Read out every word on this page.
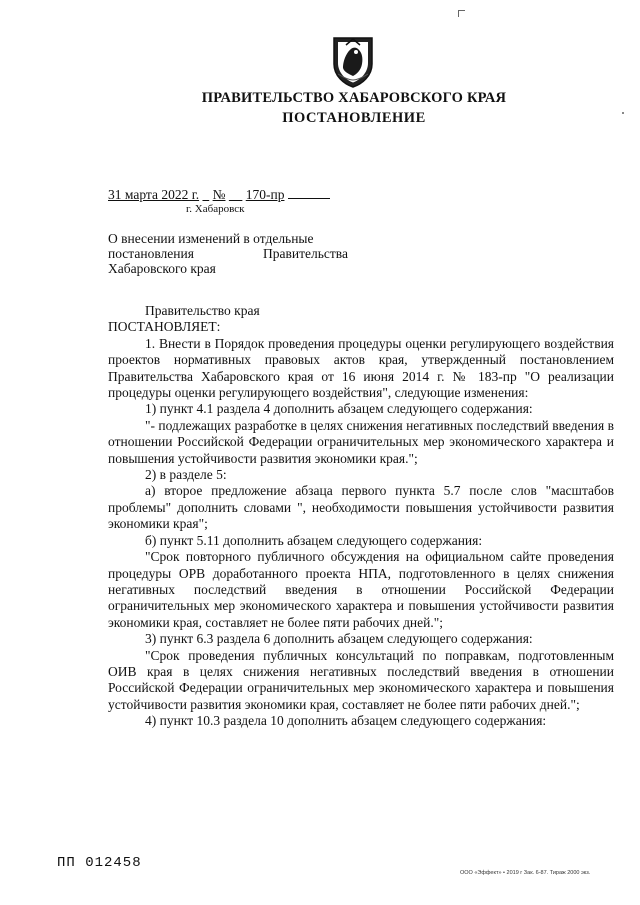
ПРАВИТЕЛЬСТВО ХАБАРОВСКОГО КРАЯ
ПОСТАНОВЛЕНИЕ
31 марта 2022 г. № 170-пр
г. Хабаровск
О внесении изменений в отдельные
постановления	Правительства
Хабаровского края

Правительство края

ПОСТАНОВЛЯЕТ:

1. Внести в Порядок проведения процедуры оценки регулирующего воздействия проектов нормативных правовых актов края, утвержденный постановлением Правительства Хабаровского края от 16 июня 2014 г. № 183-пр "О реализации процедуры оценки регулирующего воздействия", следующие изменения:

1) пункт 4.1 раздела 4 дополнить абзацем следующего содержания:

"- подлежащих разработке в целях снижения негативных последствий введения в отношении Российской Федерации ограничительных мер экономического характера и повышения устойчивости развития экономики края.";

2) в разделе 5:

а) второе предложение абзаца первого пункта 5.7 после слов "масштабов проблемы" дополнить словами ", необходимости повышения устойчивости развития экономики края";

б) пункт 5.11 дополнить абзацем следующего содержания:

"Срок повторного публичного обсуждения на официальном сайте проведения процедуры ОРВ доработанного проекта НПА, подготовленного в целях снижения негативных последствий введения в отношении Российской Федерации ограничительных мер экономического характера и повышения устойчивости развития экономики края, составляет не более пяти рабочих дней.";

3) пункт 6.3 раздела 6 дополнить абзацем следующего содержания:

"Срок проведения публичных консультаций по поправкам, подготовленным ОИВ края в целях снижения негативных последствий введения в отношении Российской Федерации ограничительных мер экономического характера и повышения устойчивости развития экономики края, составляет не более пяти рабочих дней.";

4) пункт 10.3 раздела 10 дополнить абзацем следующего содержания:

ПП 012458
ООО «Эффект» • 2019 г Зак. 6-87. Тираж 2000 экз.
